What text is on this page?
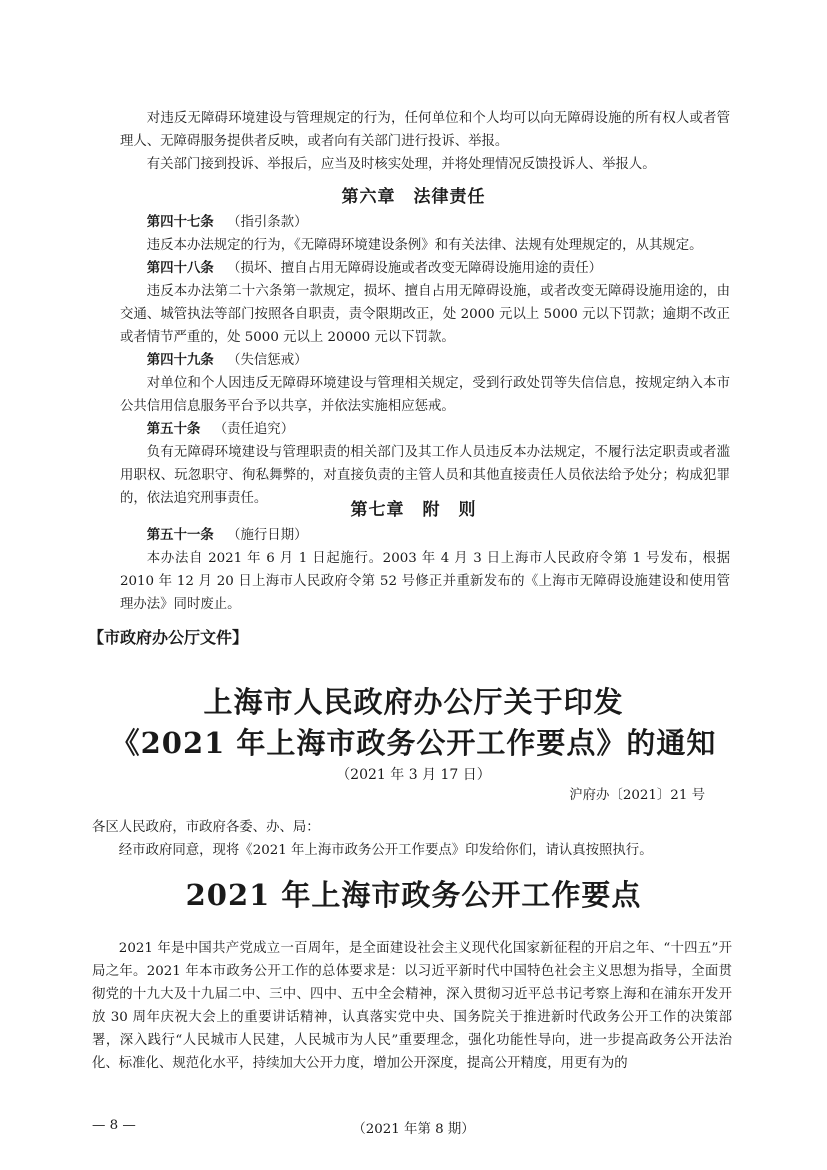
对违反无障碍环境建设与管理规定的行为，任何单位和个人均可以向无障碍设施的所有权人或者管理人、无障碍服务提供者反映，或者向有关部门进行投诉、举报。

有关部门接到投诉、举报后，应当及时核实处理，并将处理情况反馈投诉人、举报人。

第六章　法律责任

第四十七条 （指引条款）

违反本办法规定的行为，《无障碍环境建设条例》和有关法律、法规有处理规定的，从其规定。

第四十八条 （损坏、擅自占用无障碍设施或者改变无障碍设施用途的责任）

违反本办法第二十六条第一款规定，损坏、擅自占用无障碍设施，或者改变无障碍设施用途的，由交通、城管执法等部门按照各自职责，责令限期改正，处 2000 元以上 5000 元以下罚款；逾期不改正或者情节严重的，处 5000 元以上 20000 元以下罚款。

第四十九条 （失信惩戒）

对单位和个人因违反无障碍环境建设与管理相关规定，受到行政处罚等失信信息，按规定纳入本市公共信用信息服务平台予以共享，并依法实施相应惩戒。

第五十条 （责任追究）

负有无障碍环境建设与管理职责的相关部门及其工作人员违反本办法规定，不履行法定职责或者滥用职权、玩忽职守、徇私舞弊的，对直接负责的主管人员和其他直接责任人员依法给予处分；构成犯罪的，依法追究刑事责任。

第七章　附　则

第五十一条 （施行日期）

本办法自 2021 年 6 月 1 日起施行。2003 年 4 月 3 日上海市人民政府令第 1 号发布，根据 2010 年 12 月 20 日上海市人民政府令第 52 号修正并重新发布的《上海市无障碍设施建设和使用管理办法》同时废止。

【市政府办公厅文件】
上海市人民政府办公厅关于印发
《2021 年上海市政务公开工作要点》的通知
（2021 年 3 月 17 日）
沪府办〔2021〕21 号

各区人民政府，市政府各委、办、局：

经市政府同意，现将《2021 年上海市政务公开工作要点》印发给你们，请认真按照执行。

2021 年上海市政务公开工作要点

2021 年是中国共产党成立一百周年，是全面建设社会主义现代化国家新征程的开启之年、“十四五”开局之年。2021 年本市政务公开工作的总体要求是：以习近平新时代中国特色社会主义思想为指导，全面贯彻党的十九大及十九届二中、三中、四中、五中全会精神，深入贯彻习近平总书记考察上海和在浦东开发开放 30 周年庆祝大会上的重要讲话精神，认真落实党中央、国务院关于推进新时代政务公开工作的决策部署，深入践行“人民城市人民建，人民城市为人民”重要理念，强化功能性导向，进一步提高政务公开法治化、标准化、规范化水平，持续加大公开力度，增加公开深度，提高公开精度，用更有为的

— 8 —	（2021 年第 8 期）
